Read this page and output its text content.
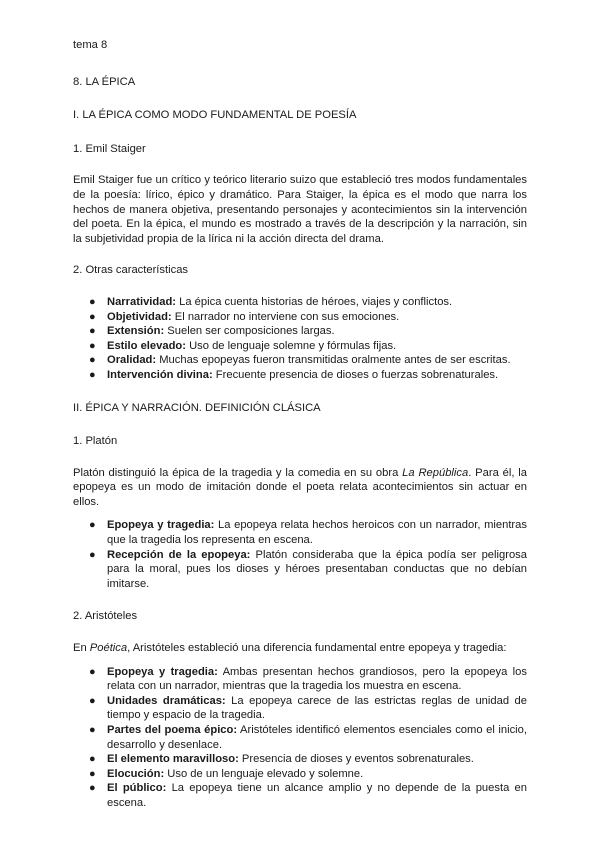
tema 8

8. LA ÉPICA

I. LA ÉPICA COMO MODO FUNDAMENTAL DE POESÍA

1. Emil Staiger

Emil Staiger fue un crítico y teórico literario suizo que estableció tres modos fundamentales de la poesía: lírico, épico y dramático. Para Staiger, la épica es el modo que narra los hechos de manera objetiva, presentando personajes y acontecimientos sin la intervención del poeta. En la épica, el mundo es mostrado a través de la descripción y la narración, sin la subjetividad propia de la lírica ni la acción directa del drama.

2. Otras características

● Narratividad: La épica cuenta historias de héroes, viajes y conflictos.
● Objetividad: El narrador no interviene con sus emociones.
● Extensión: Suelen ser composiciones largas.
● Estilo elevado: Uso de lenguaje solemne y fórmulas fijas.
● Oralidad: Muchas epopeyas fueron transmitidas oralmente antes de ser escritas.
● Intervención divina: Frecuente presencia de dioses o fuerzas sobrenaturales.

II. ÉPICA Y NARRACIÓN. DEFINICIÓN CLÁSICA

1. Platón

Platón distinguió la épica de la tragedia y la comedia en su obra La República. Para él, la epopeya es un modo de imitación donde el poeta relata acontecimientos sin actuar en ellos.

● Epopeya y tragedia: La epopeya relata hechos heroicos con un narrador, mientras que la tragedia los representa en escena.
● Recepción de la epopeya: Platón consideraba que la épica podía ser peligrosa para la moral, pues los dioses y héroes presentaban conductas que no debían imitarse.

2. Aristóteles

En Poética, Aristóteles estableció una diferencia fundamental entre epopeya y tragedia:

● Epopeya y tragedia: Ambas presentan hechos grandiosos, pero la epopeya los relata con un narrador, mientras que la tragedia los muestra en escena.
● Unidades dramáticas: La epopeya carece de las estrictas reglas de unidad de tiempo y espacio de la tragedia.
● Partes del poema épico: Aristóteles identificó elementos esenciales como el inicio, desarrollo y desenlace.
● El elemento maravilloso: Presencia de dioses y eventos sobrenaturales.
● Elocución: Uso de un lenguaje elevado y solemne.
● El público: La epopeya tiene un alcance amplio y no depende de la puesta en escena.
